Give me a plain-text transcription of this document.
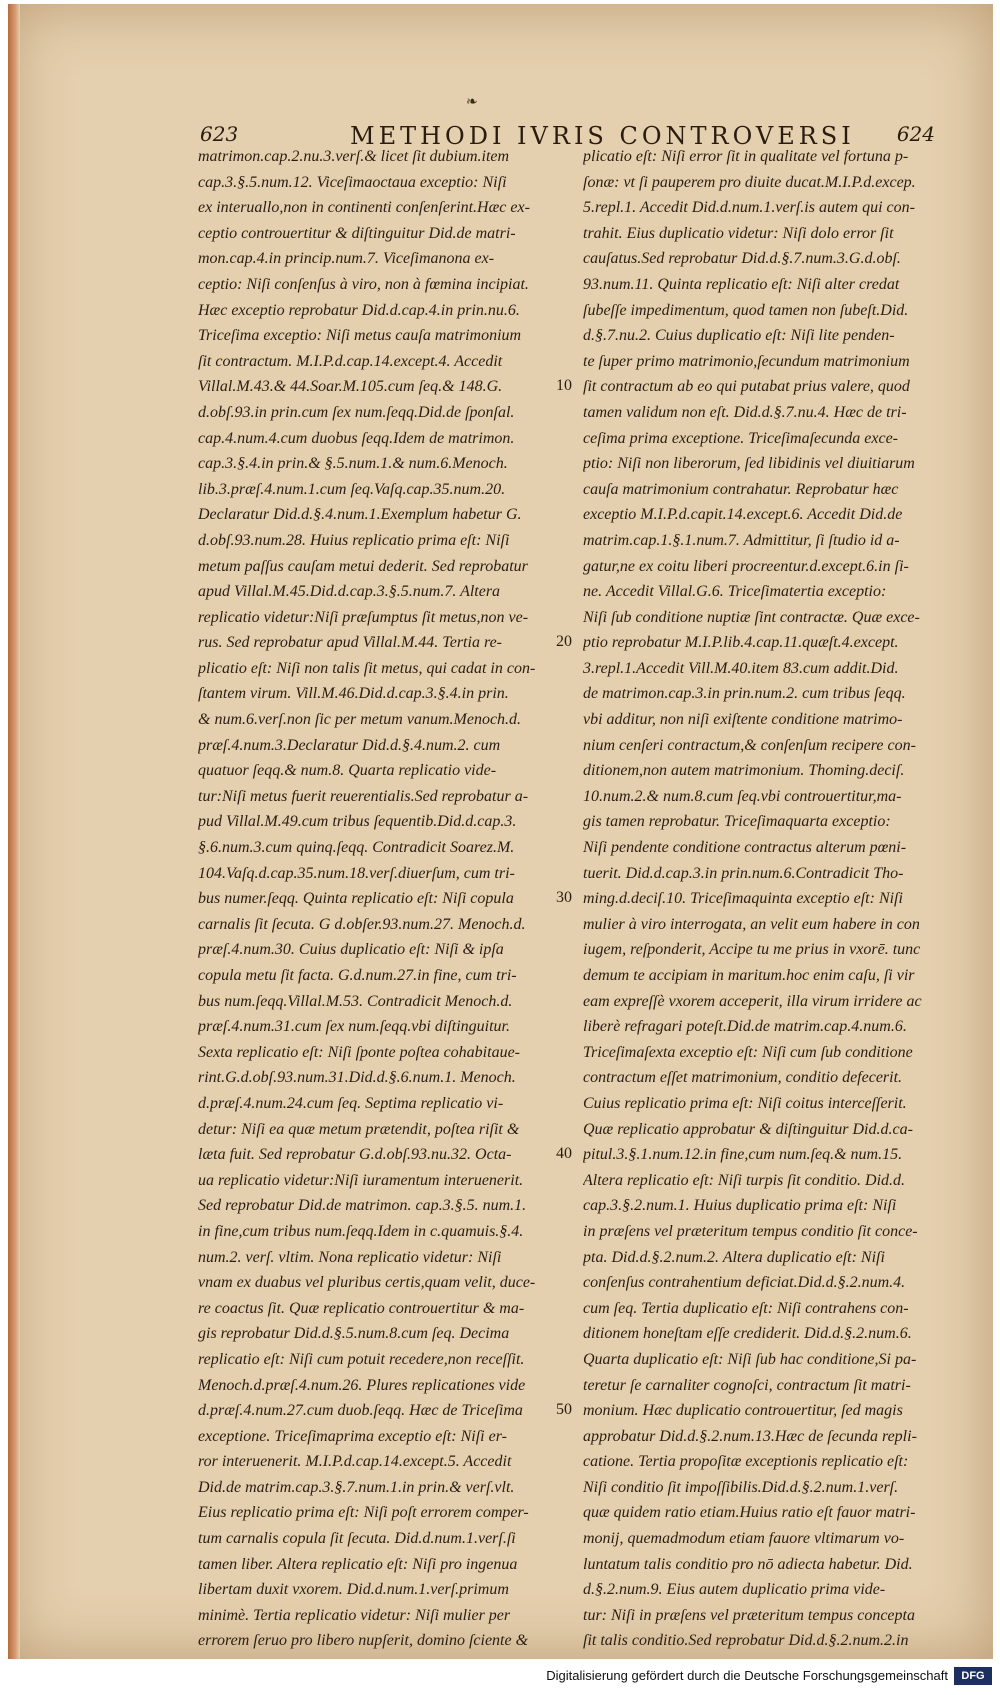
❧
623	METHODI IVRIS CONTROVERSI 624
matrimon.cap.2.nu.3.verſ.& licet ſit dubium.item
cap.3.§.5.num.12. Viceſimaoctaua exceptio: Niſi
ex interuallo,non in continenti conſenſerint.Hæc ex-
ceptio controuertitur & diſtinguitur Did.de matri-
mon.cap.4.in princip.num.7. Viceſimanona ex-
ceptio: Niſi conſenſus à viro, non à fœmina incipiat.
Hæc exceptio reprobatur Did.d.cap.4.in prin.nu.6.
Triceſima exceptio: Niſi metus cauſa matrimonium
ſit contractum. M.I.P.d.cap.14.except.4. Accedit
Villal.M.43.& 44.Soar.M.105.cum ſeq.& 148.G.
d.obſ.93.in prin.cum ſex num.ſeqq.Did.de ſponſal.
cap.4.num.4.cum duobus ſeqq.Idem de matrimon.
cap.3.§.4.in prin.& §.5.num.1.& num.6.Menoch.
lib.3.præſ.4.num.1.cum ſeq.Vaſq.cap.35.num.20.
Declaratur Did.d.§.4.num.1.Exemplum habetur G.
d.obſ.93.num.28. Huius replicatio prima eſt: Niſi
metum paſſus cauſam metui dederit. Sed reprobatur
apud Villal.M.45.Did.d.cap.3.§.5.num.7. Altera
replicatio videtur:Niſi præſumptus ſit metus,non ve-
rus. Sed reprobatur apud Villal.M.44. Tertia re-
plicatio eſt: Niſi non talis ſit metus, qui cadat in con-
ſtantem virum. Vill.M.46.Did.d.cap.3.§.4.in prin.
& num.6.verſ.non ſic per metum vanum.Menoch.d.
præſ.4.num.3.Declaratur Did.d.§.4.num.2. cum
quatuor ſeqq.& num.8. Quarta replicatio vide-
tur:Niſi metus fuerit reuerentialis.Sed reprobatur a-
pud Villal.M.49.cum tribus ſequentib.Did.d.cap.3.
§.6.num.3.cum quinq.ſeqq. Contradicit Soarez.M.
104.Vaſq.d.cap.35.num.18.verſ.diuerſum, cum tri-
bus numer.ſeqq. Quinta replicatio eſt: Niſi copula
carnalis ſit ſecuta. G d.obſer.93.num.27. Menoch.d.
præſ.4.num.30. Cuius duplicatio eſt: Niſi & ipſa
copula metu ſit facta. G.d.num.27.in fine, cum tri-
bus num.ſeqq.Villal.M.53. Contradicit Menoch.d.
præſ.4.num.31.cum ſex num.ſeqq.vbi diſtinguitur.
Sexta replicatio eſt: Niſi ſponte poſtea cohabitaue-
rint.G.d.obſ.93.num.31.Did.d.§.6.num.1. Menoch.
d.præſ.4.num.24.cum ſeq. Septima replicatio vi-
detur: Niſi ea quæ metum prætendit, poſtea riſit &
læta fuit. Sed reprobatur G.d.obſ.93.nu.32. Octa-
ua replicatio videtur:Niſi iuramentum interuenerit.
Sed reprobatur Did.de matrimon. cap.3.§.5. num.1.
in fine,cum tribus num.ſeqq.Idem in c.quamuis.§.4.
num.2. verſ. vltim. Nona replicatio videtur: Niſi
vnam ex duabus vel pluribus certis,quam velit, duce-
re coactus ſit. Quæ replicatio controuertitur & ma-
gis reprobatur Did.d.§.5.num.8.cum ſeq. Decima
replicatio eſt: Niſi cum potuit recedere,non receſſit.
Menoch.d.præſ.4.num.26. Plures replicationes vide
d.præſ.4.num.27.cum duob.ſeqq. Hæc de Triceſima
exceptione. Triceſimaprima exceptio eſt: Niſi er-
ror interuenerit. M.I.P.d.cap.14.except.5. Accedit
Did.de matrim.cap.3.§.7.num.1.in prin.& verſ.vlt.
Eius replicatio prima eſt: Niſi poſt errorem comper-
tum carnalis copula ſit ſecuta. Did.d.num.1.verſ.ſi
tamen liber. Altera replicatio eſt: Niſi pro ingenua
libertam duxit vxorem. Did.d.num.1.verſ.primum
minimè. Tertia replicatio videtur: Niſi mulier per
errorem ſeruo pro libero nupſerit, domino ſciente &
10
20
30
40
50
plicatio eſt: Niſi error ſit in qualitate vel fortuna p-
ſonæ: vt ſi pauperem pro diuite ducat.M.I.P.d.excep.
5.repl.1. Accedit Did.d.num.1.verſ.is autem qui con-
trahit. Eius duplicatio videtur: Niſi dolo error ſit
cauſatus.Sed reprobatur Did.d.§.7.num.3.G.d.obſ.
93.num.11. Quinta replicatio eſt: Niſi alter credat
ſubeſſe impedimentum, quod tamen non ſubeſt.Did.
d.§.7.nu.2. Cuius duplicatio eſt: Niſi lite penden-
te ſuper primo matrimonio,ſecundum matrimonium
ſit contractum ab eo qui putabat prius valere, quod
tamen validum non eſt. Did.d.§.7.nu.4. Hæc de tri-
ceſima prima exceptione. Triceſimaſecunda excе-
ptio: Niſi non liberorum, ſed libidinis vel diuitiarum
cauſa matrimonium contrahatur. Reprobatur hæc
exceptio M.I.P.d.capit.14.except.6. Accedit Did.de
matrim.cap.1.§.1.num.7. Admittitur, ſi ſtudio id a-
gatur,ne ex coitu liberi procreentur.d.except.6.in ſi-
ne. Accedit Villal.G.6. Triceſimatertia exceptio:
Niſi ſub conditione nuptiæ ſint contractæ. Quæ exce-
ptio reprobatur M.I.P.lib.4.cap.11.quæſt.4.except.
3.repl.1.Accedit Vill.M.40.item 83.cum addit.Did.
de matrimon.cap.3.in prin.num.2. cum tribus ſeqq.
vbi additur, non niſi exiſtente conditione matrimo-
nium cenſeri contractum,& conſenſum recipere con-
ditionem,non autem matrimonium. Thoming.deciſ.
10.num.2.& num.8.cum ſeq.vbi controuertitur,ma-
gis tamen reprobatur. Triceſimaquarta exceptio:
Niſi pendente conditione contractus alterum pœni-
tuerit. Did.d.cap.3.in prin.num.6.Contradicit Tho-
ming.d.deciſ.10. Triceſimaquinta exceptio eſt: Niſi
mulier à viro interrogata, an velit eum habere in con
iugem, reſponderit, Accipe tu me prius in vxorē. tunc
demum te accipiam in maritum.hoc enim caſu, ſi vir
eam expreſſè vxorem acceperit, illa virum irridere ac
liberè refragari poteſt.Did.de matrim.cap.4.num.6.
Triceſimaſexta exceptio eſt: Niſi cum ſub conditione
contractum eſſet matrimonium, conditio defecerit.
Cuius replicatio prima eſt: Niſi coitus interceſſerit.
Quæ replicatio approbatur & diſtinguitur Did.d.ca-
pitul.3.§.1.num.12.in fine,cum num.ſeq.& num.15.
Altera replicatio eſt: Niſi turpis ſit conditio. Did.d.
cap.3.§.2.num.1. Huius duplicatio prima eſt: Niſi
in præſens vel præteritum tempus conditio ſit conce-
pta. Did.d.§.2.num.2. Altera duplicatio eſt: Niſi
conſenſus contrahentium deficiat.Did.d.§.2.num.4.
cum ſeq. Tertia duplicatio eſt: Niſi contrahens con-
ditionem honeſtam eſſe crediderit. Did.d.§.2.num.6.
Quarta duplicatio eſt: Niſi ſub hac conditione,Si pa-
teretur ſe carnaliter cognoſci, contractum ſit matri-
monium. Hæc duplicatio controuertitur, ſed magis
approbatur Did.d.§.2.num.13.Hæc de ſecunda repli-
catione. Tertia propoſitæ exceptionis replicatio eſt:
Niſi conditio ſit impoſſibilis.Did.d.§.2.num.1.verſ.
quæ quidem ratio etiam.Huius ratio eſt fauor matri-
monij, quemadmodum etiam fauore vltimarum vo-
luntatum talis conditio pro nō adiecta habetur. Did.
d.§.2.num.9. Eius autem duplicatio prima vide-
tur: Niſi in præſens vel præteritum tempus concepta
ſit talis conditio.Sed reprobatur Did.d.§.2.num.2.in
Digitalisierung gefördert durch die Deutsche Forschungsgemeinschaft	DFG
